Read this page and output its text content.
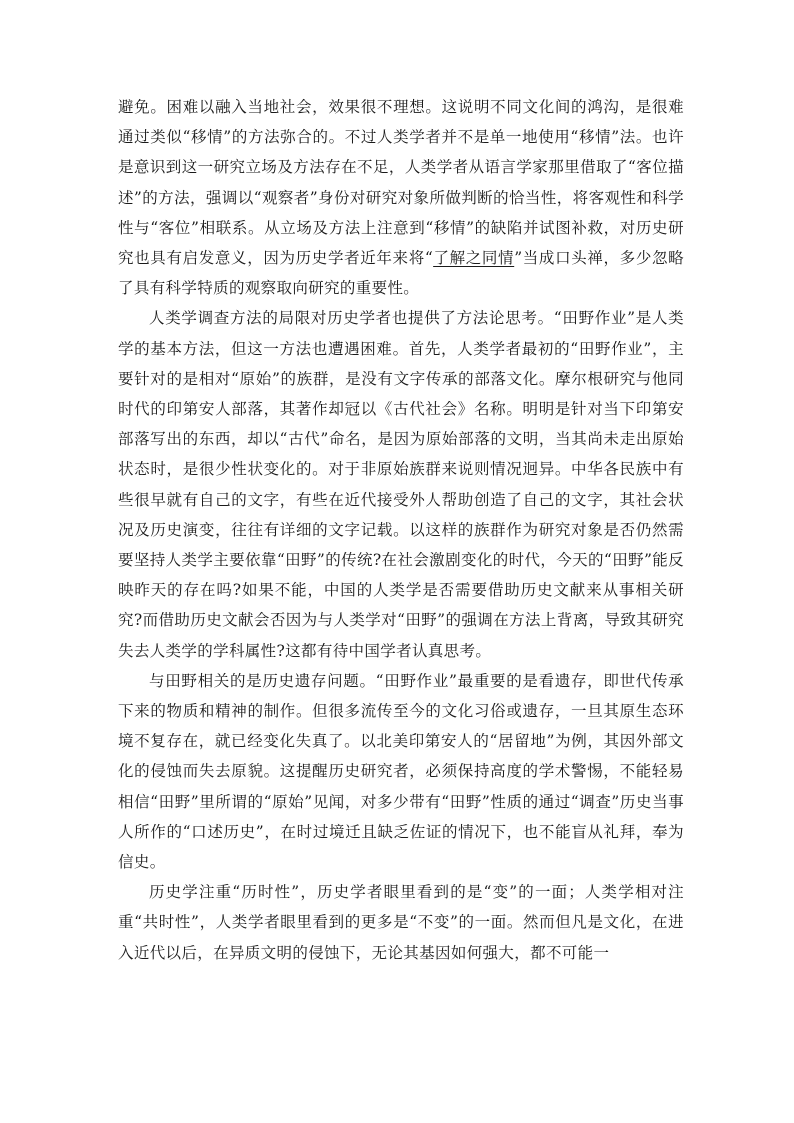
避免。困难以融入当地社会，效果很不理想。这说明不同文化间的鸿沟，是很难通过类似“移情”的方法弥合的。不过人类学者并不是单一地使用“移情”法。也许是意识到这一研究立场及方法存在不足，人类学者从语言学家那里借取了“客位描述”的方法，强调以“观察者”身份对研究对象所做判断的恰当性，将客观性和科学性与“客位”相联系。从立场及方法上注意到“移情”的缺陷并试图补救，对历史研究也具有启发意义，因为历史学者近年来将“了解之同情”当成口头禅，多少忽略了具有科学特质的观察取向研究的重要性。

人类学调查方法的局限对历史学者也提供了方法论思考。“田野作业”是人类学的基本方法，但这一方法也遭遇困难。首先，人类学者最初的“田野作业”，主要针对的是相对“原始”的族群，是没有文字传承的部落文化。摩尔根研究与他同时代的印第安人部落，其著作却冠以《古代社会》名称。明明是针对当下印第安部落写出的东西，却以“古代”命名，是因为原始部落的文明，当其尚未走出原始状态时，是很少性状变化的。对于非原始族群来说则情况迥异。中华各民族中有些很早就有自己的文字，有些在近代接受外人帮助创造了自己的文字，其社会状况及历史演变，往往有详细的文字记载。以这样的族群作为研究对象是否仍然需要坚持人类学主要依靠“田野”的传统?在社会激剧变化的时代，今天的“田野”能反映昨天的存在吗?如果不能，中国的人类学是否需要借助历史文献来从事相关研究?而借助历史文献会否因为与人类学对“田野”的强调在方法上背离，导致其研究失去人类学的学科属性?这都有待中国学者认真思考。

与田野相关的是历史遗存问题。“田野作业”最重要的是看遗存，即世代传承下来的物质和精神的制作。但很多流传至今的文化习俗或遗存，一旦其原生态环境不复存在，就已经变化失真了。以北美印第安人的“居留地”为例，其因外部文化的侵蚀而失去原貌。这提醒历史研究者，必须保持高度的学术警惕，不能轻易相信“田野”里所谓的“原始”见闻，对多少带有“田野”性质的通过“调查”历史当事人所作的“口述历史”，在时过境迁且缺乏佐证的情况下，也不能盲从礼拜，奉为信史。

历史学注重“历时性”，历史学者眼里看到的是“变”的一面；人类学相对注重“共时性”，人类学者眼里看到的更多是“不变”的一面。然而但凡是文化，在进入近代以后，在异质文明的侵蚀下，无论其基因如何强大，都不可能一
